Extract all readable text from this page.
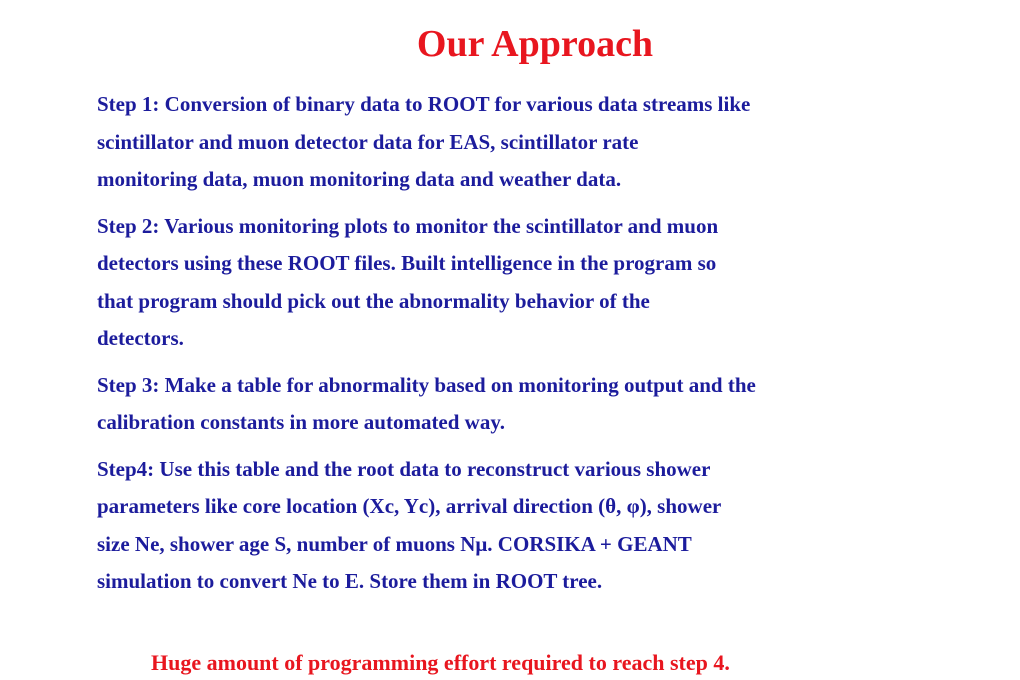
Our Approach

Step 1: Conversion of binary data to ROOT for various data streams like
scintillator and muon detector data for EAS, scintillator rate
monitoring data, muon monitoring data and weather data.

Step 2: Various monitoring plots to monitor the scintillator and muon
detectors using these ROOT files. Built intelligence in the program so
that program should pick out the abnormality behavior of the
detectors.

Step 3: Make a table for abnormality based on monitoring output and the
calibration constants in more automated way.

Step4: Use this table and the root data to reconstruct various shower
parameters like core location (Xc, Yc), arrival direction (θ, φ), shower
size Ne, shower age S, number of muons Nμ. CORSIKA + GEANT
simulation to convert Ne to E. Store them in ROOT tree.

Huge amount of programming effort required to reach step 4.
